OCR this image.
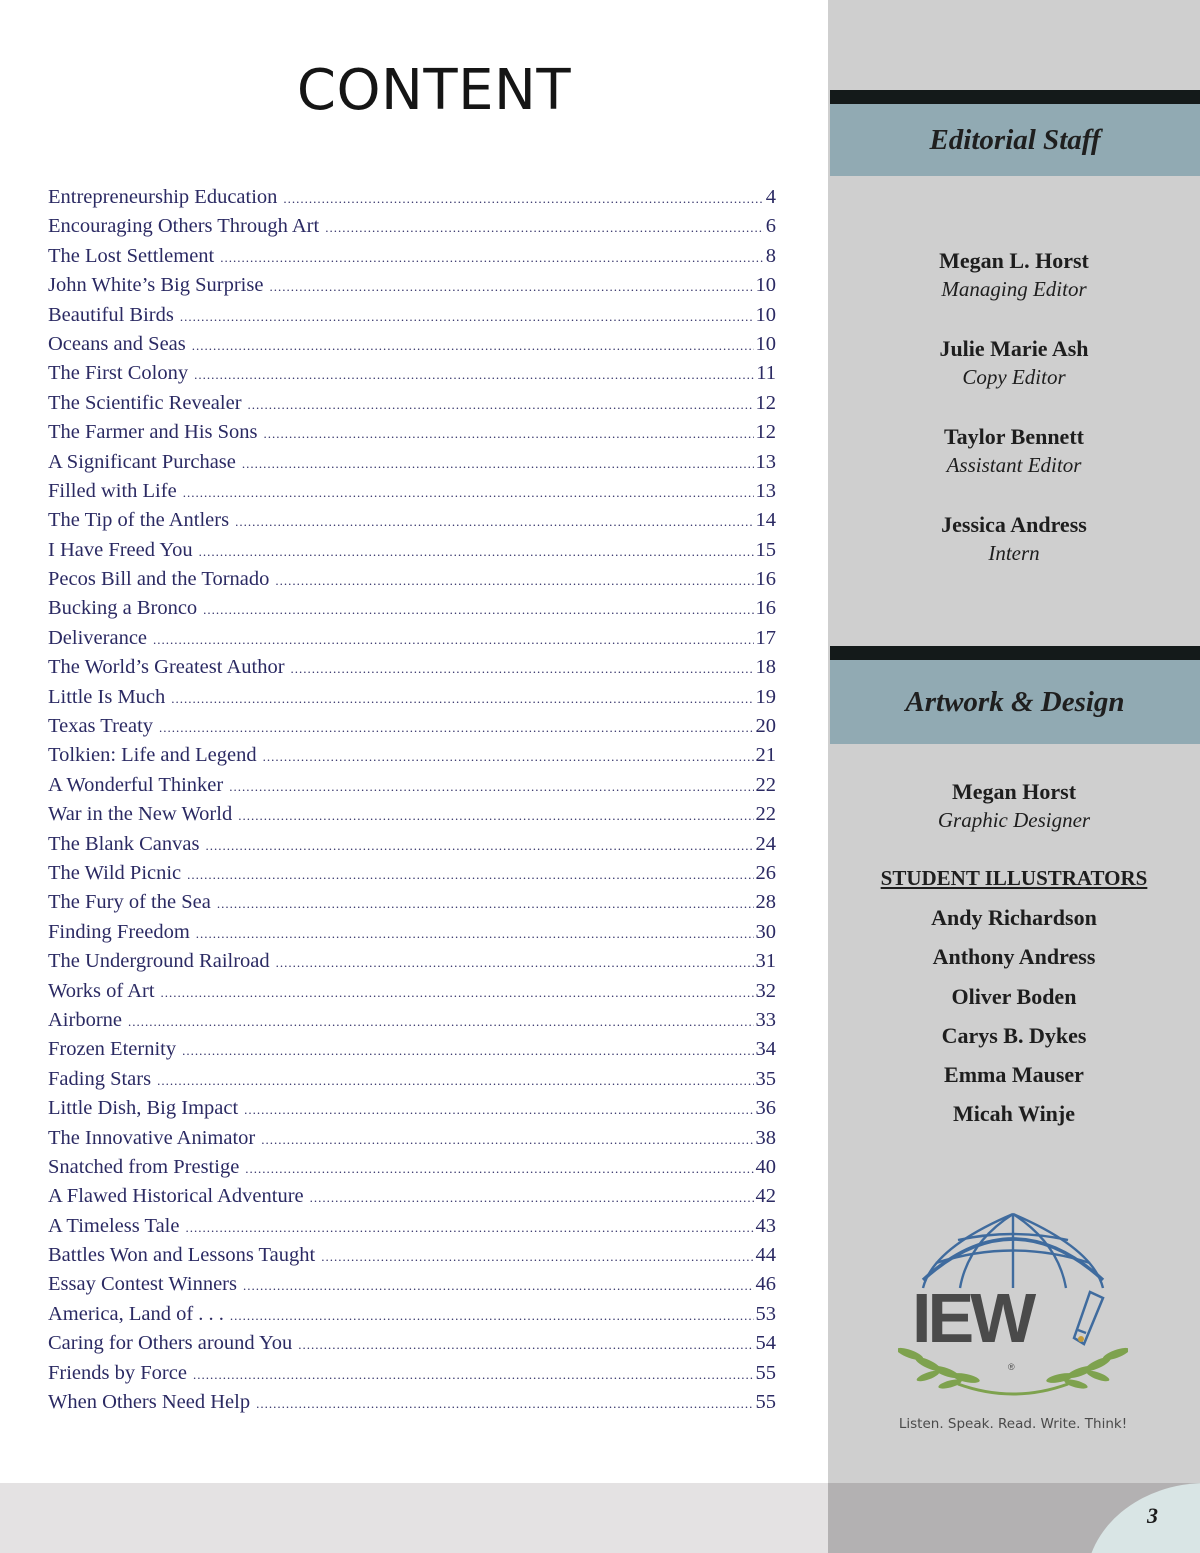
CONTENT
Entrepreneurship Education .....	4
Encouraging Others Through Art .....	6
The Lost Settlement .....	8
John White’s Big Surprise .....	10
Beautiful Birds .....	10
Oceans and Seas .....	10
The First Colony .....	11
The Scientific Revealer .....	12
The Farmer and His Sons .....	12
A Significant Purchase .....	13
Filled with Life .....	13
The Tip of the Antlers .....	14
I Have Freed You .....	15
Pecos Bill and the Tornado .....	16
Bucking a Bronco .....	16
Deliverance .....	17
The World’s Greatest Author .....	18
Little Is Much .....	19
Texas Treaty .....	20
Tolkien: Life and Legend .....	21
A Wonderful Thinker .....	22
War in the New World .....	22
The Blank Canvas .....	24
The Wild Picnic .....	26
The Fury of the Sea .....	28
Finding Freedom .....	30
The Underground Railroad .....	31
Works of Art .....	32
Airborne .....	33
Frozen Eternity .....	34
Fading Stars .....	35
Little Dish, Big Impact .....	36
The Innovative Animator .....	38
Snatched from Prestige .....	40
A Flawed Historical Adventure .....	42
A Timeless Tale .....	43
Battles Won and Lessons Taught .....	44
Essay Contest Winners .....	46
America, Land of . . . .....	53
Caring for Others around You .....	54
Friends by Force .....	55
When Others Need Help .....	55
Editorial Staff
Megan L. Horst
Managing Editor
Julie Marie Ash
Copy Editor
Taylor Bennett
Assistant Editor
Jessica Andress
Intern
Artwork & Design
Megan Horst
Graphic Designer
STUDENT ILLUSTRATORS
Andy Richardson
Anthony Andress
Oliver Boden
Carys B. Dykes
Emma Mauser
Micah Winje
IEW
®
Listen. Speak. Read. Write. Think!
3
